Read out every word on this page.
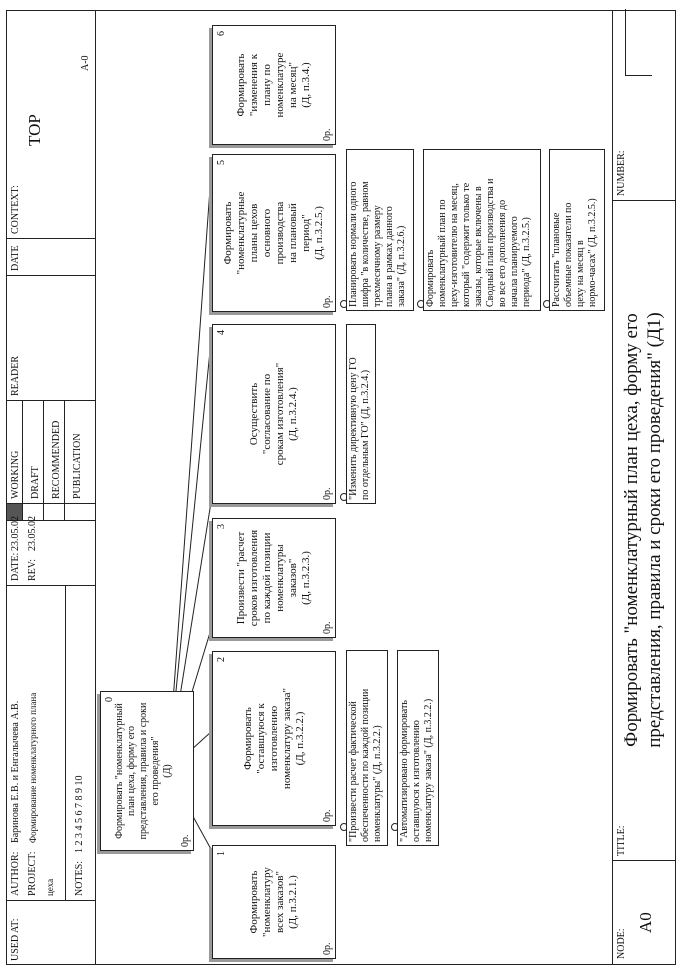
USED AT:
AUTHOR:
Баринова Е.В. и Енгалычева А.В.
PROJECT:
Формирование номенклатурного плана
цеха NOTES:
1 2 3 4 5 6 7 8 9 10
DATE:
23.05.02
REV:
23.05.02
WORKING DRAFT RECOMMENDED PUBLICATION
READER
DATE
CONTEXT:
TOP
A-0
Формировать "номенклатурный план цеха, форму его представления, правила и сроки его проведения"
(Д)
0
0р.
Формировать
"номенклатуру
всех заказов"
(Д, п.3.2.1.)
1
0р.
Формировать
"оставшуюся к
изготовлению
номенклатуру заказа"
(Д, п.3.2.2.)
2
0р.
Произвести "расчет
сроков изготовления
по каждой позиции
номенклатуры заказов"
(Д, п.3.2.3.)
3
0р.
Осуществить
"согласование по
срокам изготовления"
(Д, п.3.2.4.)
4
0р.
Формировать
"номенклатурные
планы цехов
основного
производства
на плановый
период"
(Д, п.3.2.5.)
5
0р.
Формировать
"изменения к
плану по
номенклатуре
на месяц"
(Д, п.3.4.)
6
0р.
"Произвести расчет фактической
обеспеченности по каждой позиции
номенклатуры" (Д, п.3.2.2.)
"Автоматизировано формировать
оставшуюся к изготовлению
номенклатуру заказа" (Д, п.3.2.2.)
"Изменить директивную цену ГО
по отдельным ГО" (Д, п.3.2.4.)
Планировать нормали одного
шифра "в количестве, равном
трехмесячному размеру
плана в рамках данного
заказа" (Д, п.3.2.6.)
Формировать
номенклатурный план по
цеху-изготовителю на месяц,
который "содержит только те
заказы, которые включены в
Сводный план производства и
во все его дополнения до
начала планируемого
периода" (Д, п.3.2.5.)
Рассчитать "плановые
объемные показатели по
цеху на месяц в
нормо-часах" (Д, п.3.2.5.)
NODE:
A0
TITLE:
Формировать "номенклатурный план цеха, форму его представления, правила и сроки его проведения" (Д1)
NUMBER:
